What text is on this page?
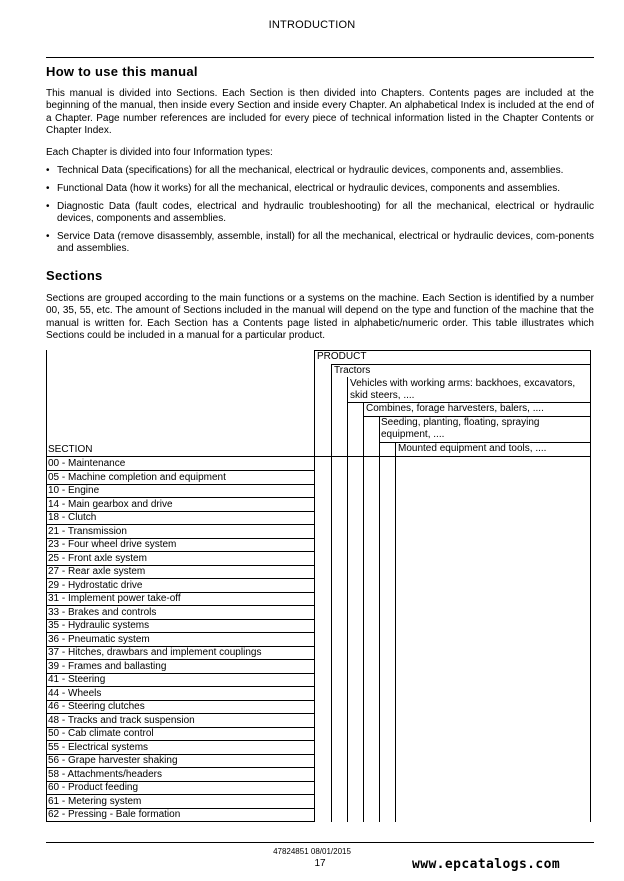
INTRODUCTION
How to use this manual

This manual is divided into Sections. Each Section is then divided into Chapters. Contents pages are included at the beginning of the manual, then inside every Section and inside every Chapter. An alphabetical Index is included at the end of a Chapter. Page number references are included for every piece of technical information listed in the Chapter Contents or Chapter Index.

Each Chapter is divided into four Information types:

• Technical Data (specifications) for all the mechanical, electrical or hydraulic devices, components and, assemblies.
• Functional Data (how it works) for all the mechanical, electrical or hydraulic devices, components and assemblies.
• Diagnostic Data (fault codes, electrical and hydraulic troubleshooting) for all the mechanical, electrical or hydraulic devices, components and assemblies.
• Service Data (remove disassembly, assemble, install) for all the mechanical, electrical or hydraulic devices, com-ponents and assemblies.
Sections

Sections are grouped according to the main functions or a systems on the machine. Each Section is identified by a number 00, 35, 55, etc. The amount of Sections included in the manual will depend on the type and function of the machine that the manual is written for. Each Section has a Contents page listed in alphabetic/numeric order. This table illustrates which Sections could be included in a manual for a particular product.

PRODUCT
Tractors
Vehicles with working arms: backhoes, excavators, skid steers, ....
Combines, forage harvesters, balers, ....
Seeding, planting, floating, spraying equipment, ....
Mounted equipment and tools, ....
SECTION
00 - Maintenance
05 - Machine completion and equipment
10 - Engine
14 - Main gearbox and drive
18 - Clutch
21 - Transmission
23 - Four wheel drive system
25 - Front axle system
27 - Rear axle system
29 - Hydrostatic drive
31 - Implement power take-off
33 - Brakes and controls
35 - Hydraulic systems
36 - Pneumatic system
37 - Hitches, drawbars and implement couplings
39 - Frames and ballasting
41 - Steering
44 - Wheels
46 - Steering clutches
48 - Tracks and track suspension
50 - Cab climate control
55 - Electrical systems
56 - Grape harvester shaking
58 - Attachments/headers
60 - Product feeding
61 - Metering system
62 - Pressing - Bale formation
47824851 08/01/2015
17	www.epcatalogs.com
